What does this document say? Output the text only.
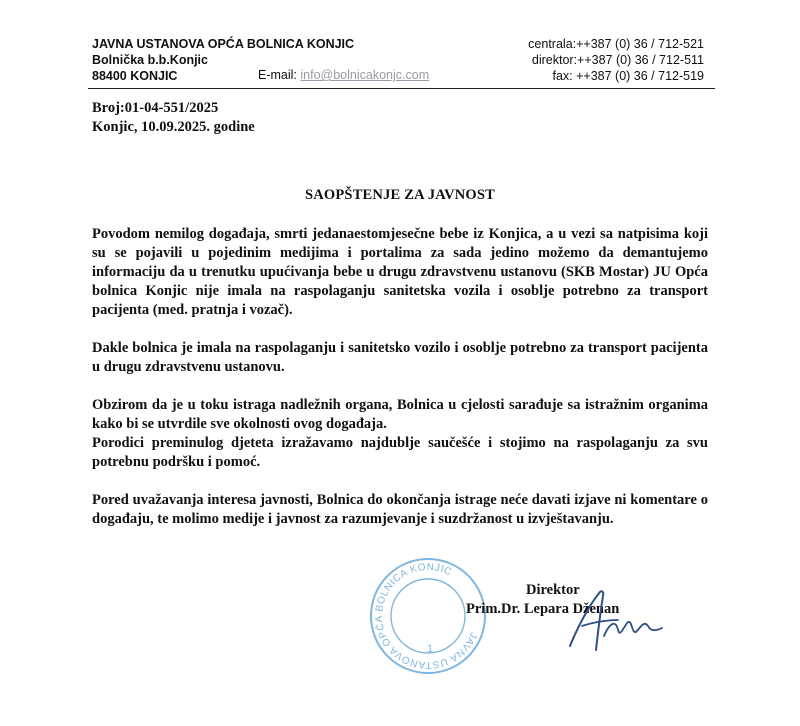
JAVNA USTANOVA OPĆA BOLNICA KONJIC
Bolnička b.b.Konjic
88400 KONJIC	E-mail: info@bolnicakonjc.com
centrala:++387 (0) 36 / 712-521
direktor:++387 (0) 36 / 712-511
fax: ++387 (0) 36 / 712-519
Broj:01-04-551/2025
Konjic, 10.09.2025. godine
SAOPŠTENJE ZA JAVNOST

Povodom nemilog događaja, smrti jedanaestomjesečne bebe iz Konjica, a u vezi sa natpisima koji su se pojavili u pojedinim medijima i portalima za sada jedino možemo da demantujemo informaciju da u trenutku upućivanja bebe u drugu zdravstvenu ustanovu (SKB Mostar) JU Opća bolnica Konjic nije imala na raspolaganju sanitetska vozila i osoblje potrebno za transport pacijenta (med. pratnja i vozač).

Dakle bolnica je imala na raspolaganju i sanitetsko vozilo i osoblje potrebno za transport pacijenta u drugu zdravstvenu ustanovu.

Obzirom da je u toku istraga nadležnih organa, Bolnica u cjelosti sarađuje sa istražnim organima kako bi se utvrdile sve okolnosti ovog događaja.

Porodici preminulog djeteta izražavamo najdublje saučešće i stojimo na raspolaganju za svu potrebnu podršku i pomoć.

Pored uvažavanja interesa javnosti, Bolnica do okončanja istrage neće davati izjave ni komentare o događaju, te molimo medije i javnost za razumjevanje i suzdržanost u izvještavanju.

JAVNA USTANOVA OPĆA BOLNICA KONJIC
1
Direktor
Prim.Dr. Lepara Dženan
